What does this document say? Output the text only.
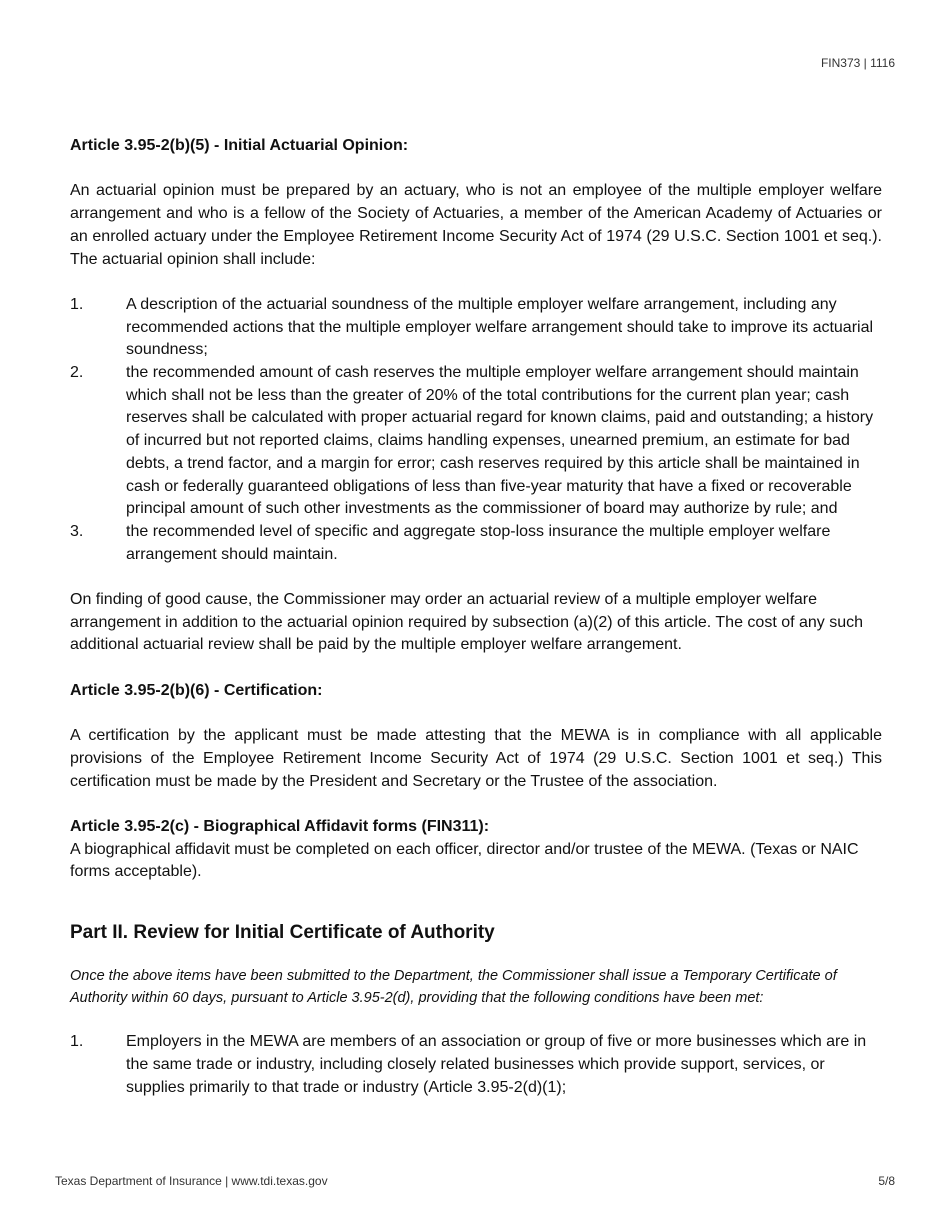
FIN373 | 1116

Article 3.95-2(b)(5) - Initial Actuarial Opinion:

An actuarial opinion must be prepared by an actuary, who is not an employee of the multiple employer welfare arrangement and who is a fellow of the Society of Actuaries, a member of the American Academy of Actuaries or an enrolled actuary under the Employee Retirement Income Security Act of 1974 (29 U.S.C. Section 1001 et seq.). The actuarial opinion shall include:

1.	A description of the actuarial soundness of the multiple employer welfare arrangement, including any recommended actions that the multiple employer welfare arrangement should take to improve its actuarial soundness;
2.	the recommended amount of cash reserves the multiple employer welfare arrangement should maintain which shall not be less than the greater of 20% of the total contributions for the current plan year; cash reserves shall be calculated with proper actuarial regard for known claims, paid and outstanding; a history of incurred but not reported claims, claims handling expenses, unearned premium, an estimate for bad debts, a trend factor, and a margin for error; cash reserves required by this article shall be maintained in cash or federally guaranteed obligations of less than five-year maturity that have a fixed or recoverable principal amount of such other investments as the commissioner of board may authorize by rule; and
3.	the recommended level of specific and aggregate stop-loss insurance the multiple employer welfare arrangement should maintain.

On finding of good cause, the Commissioner may order an actuarial review of a multiple employer welfare arrangement in addition to the actuarial opinion required by subsection (a)(2) of this article. The cost of any such additional actuarial review shall be paid by the multiple employer welfare arrangement.

Article 3.95-2(b)(6) - Certification:

A certification by the applicant must be made attesting that the MEWA is in compliance with all applicable provisions of the Employee Retirement Income Security Act of 1974 (29 U.S.C. Section 1001 et seq.) This certification must be made by the President and Secretary or the Trustee of the association.

Article 3.95-2(c) - Biographical Affidavit forms (FIN311):

A biographical affidavit must be completed on each officer, director and/or trustee of the MEWA. (Texas or NAIC forms acceptable).

Part II. Review for Initial Certificate of Authority

Once the above items have been submitted to the Department, the Commissioner shall issue a Temporary Certificate of Authority within 60 days, pursuant to Article 3.95-2(d), providing that the following conditions have been met:

1.	Employers in the MEWA are members of an association or group of five or more businesses which are in the same trade or industry, including closely related businesses which provide support, services, or supplies primarily to that trade or industry (Article 3.95-2(d)(1);
Texas Department of Insurance | www.tdi.texas.gov	5/8
